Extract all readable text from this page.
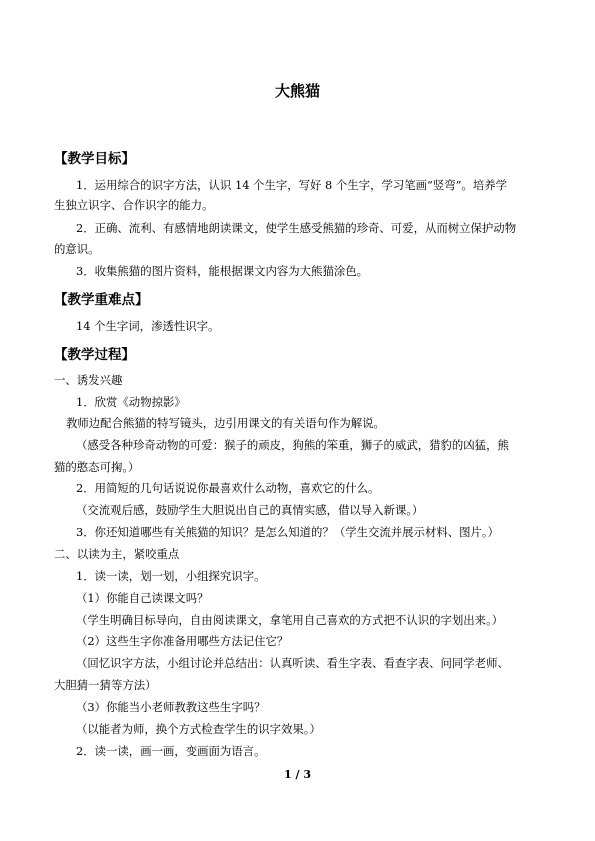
大熊猫
【教学目标】
1．运用综合的识字方法，认识 14 个生字，写好 8 个生字，学习笔画“竖弯”。培养学
生独立识字、合作识字的能力。
2．正确、流利、有感情地朗读课文，使学生感受熊猫的珍奇、可爱，从而树立保护动物
的意识。
3．收集熊猫的图片资料，能根据课文内容为大熊猫涂色。
【教学重难点】
14 个生字词，渗透性识字。
【教学过程】
一、诱发兴趣
1．欣赏《动物掠影》
教师边配合熊猫的特写镜头，边引用课文的有关语句作为解说。
（感受各种珍奇动物的可爱：猴子的顽皮，狗熊的笨重，狮子的威武，猎豹的凶猛，熊
猫的憨态可掬。）
2．用简短的几句话说说你最喜欢什么动物，喜欢它的什么。
（交流观后感，鼓励学生大胆说出自己的真情实感，借以导入新课。）
3．你还知道哪些有关熊猫的知识？是怎么知道的？（学生交流并展示材料、图片。）
二、以读为主，紧咬重点
1．读一读，划一划，小组探究识字。
（1）你能自己读课文吗？
（学生明确目标导向，自由阅读课文，拿笔用自己喜欢的方式把不认识的字划出来。）
（2）这些生字你准备用哪些方法记住它？
（回忆识字方法，小组讨论并总结出：认真听读、看生字表、看查字表、问同学老师、
大胆猜一猜等方法）
（3）你能当小老师教教这些生字吗？
（以能者为师，换个方式检查学生的识字效果。）
2．读一读，画一画，变画面为语言。
1 / 3
